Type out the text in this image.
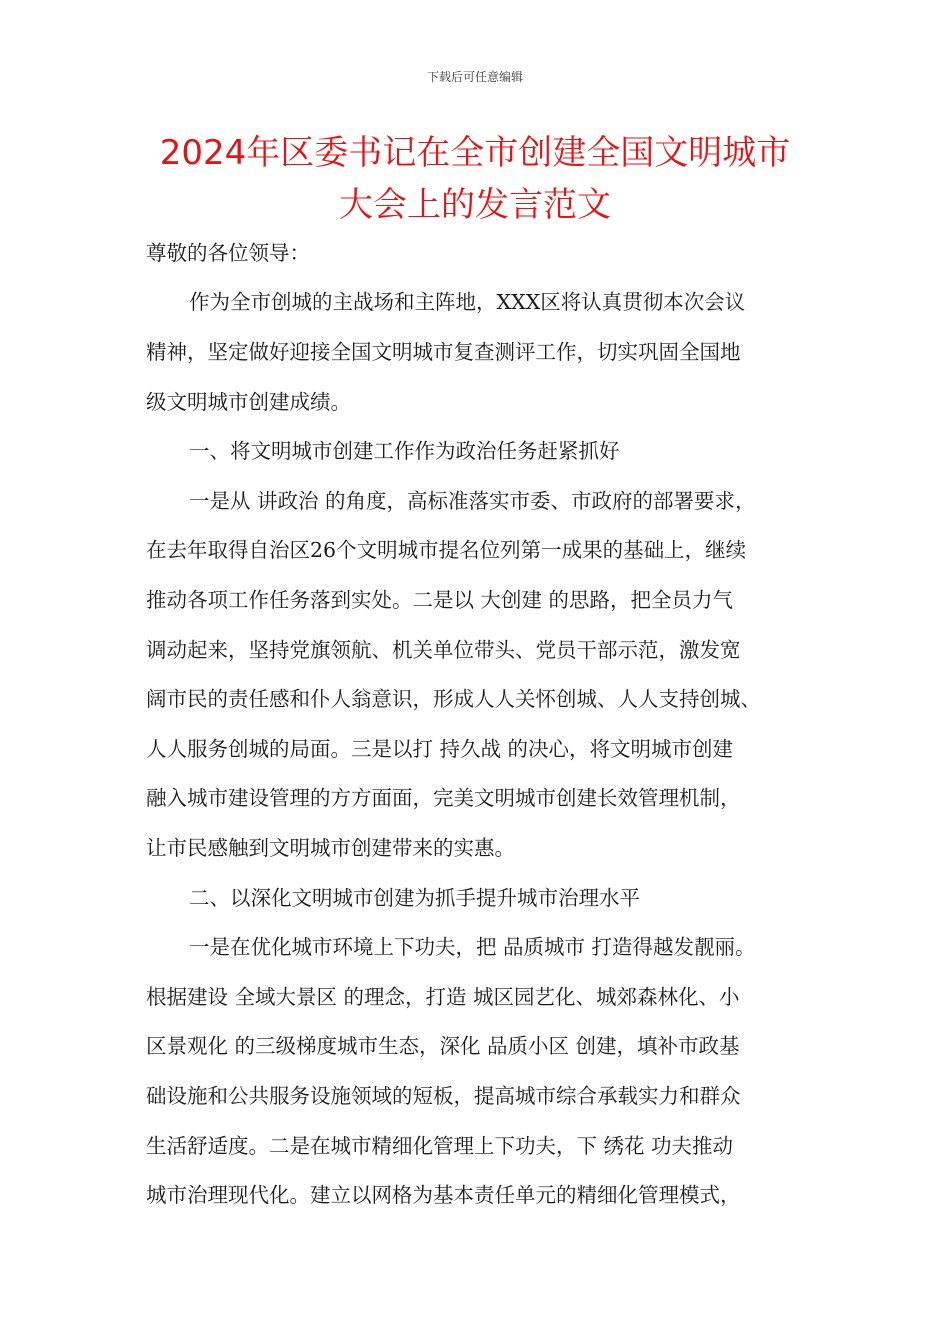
下载后可任意编辑
2024年区委书记在全市创建全国文明城市
大会上的发言范文
尊敬的各位领导：
作为全市创城的主战场和主阵地，XXX区将认真贯彻本次会议
精神，坚定做好迎接全国文明城市复查测评工作，切实巩固全国地
级文明城市创建成绩。
一、将文明城市创建工作作为政治任务赶紧抓好
一是从 讲政治 的角度，高标准落实市委、市政府的部署要求，
在去年取得自治区26个文明城市提名位列第一成果的基础上，继续
推动各项工作任务落到实处。二是以 大创建 的思路，把全员力气
调动起来，坚持党旗领航、机关单位带头、党员干部示范，激发宽
阔市民的责任感和仆人翁意识，形成人人关怀创城、人人支持创城、
人人服务创城的局面。三是以打 持久战 的决心，将文明城市创建
融入城市建设管理的方方面面，完美文明城市创建长效管理机制，
让市民感触到文明城市创建带来的实惠。
二、以深化文明城市创建为抓手提升城市治理水平
一是在优化城市环境上下功夫，把 品质城市 打造得越发靓丽。
根据建设 全域大景区 的理念，打造 城区园艺化、城郊森林化、小
区景观化 的三级梯度城市生态，深化 品质小区 创建，填补市政基
础设施和公共服务设施领域的短板，提高城市综合承载实力和群众
生活舒适度。二是在城市精细化管理上下功夫，下 绣花 功夫推动
城市治理现代化。建立以网格为基本责任单元的精细化管理模式，
